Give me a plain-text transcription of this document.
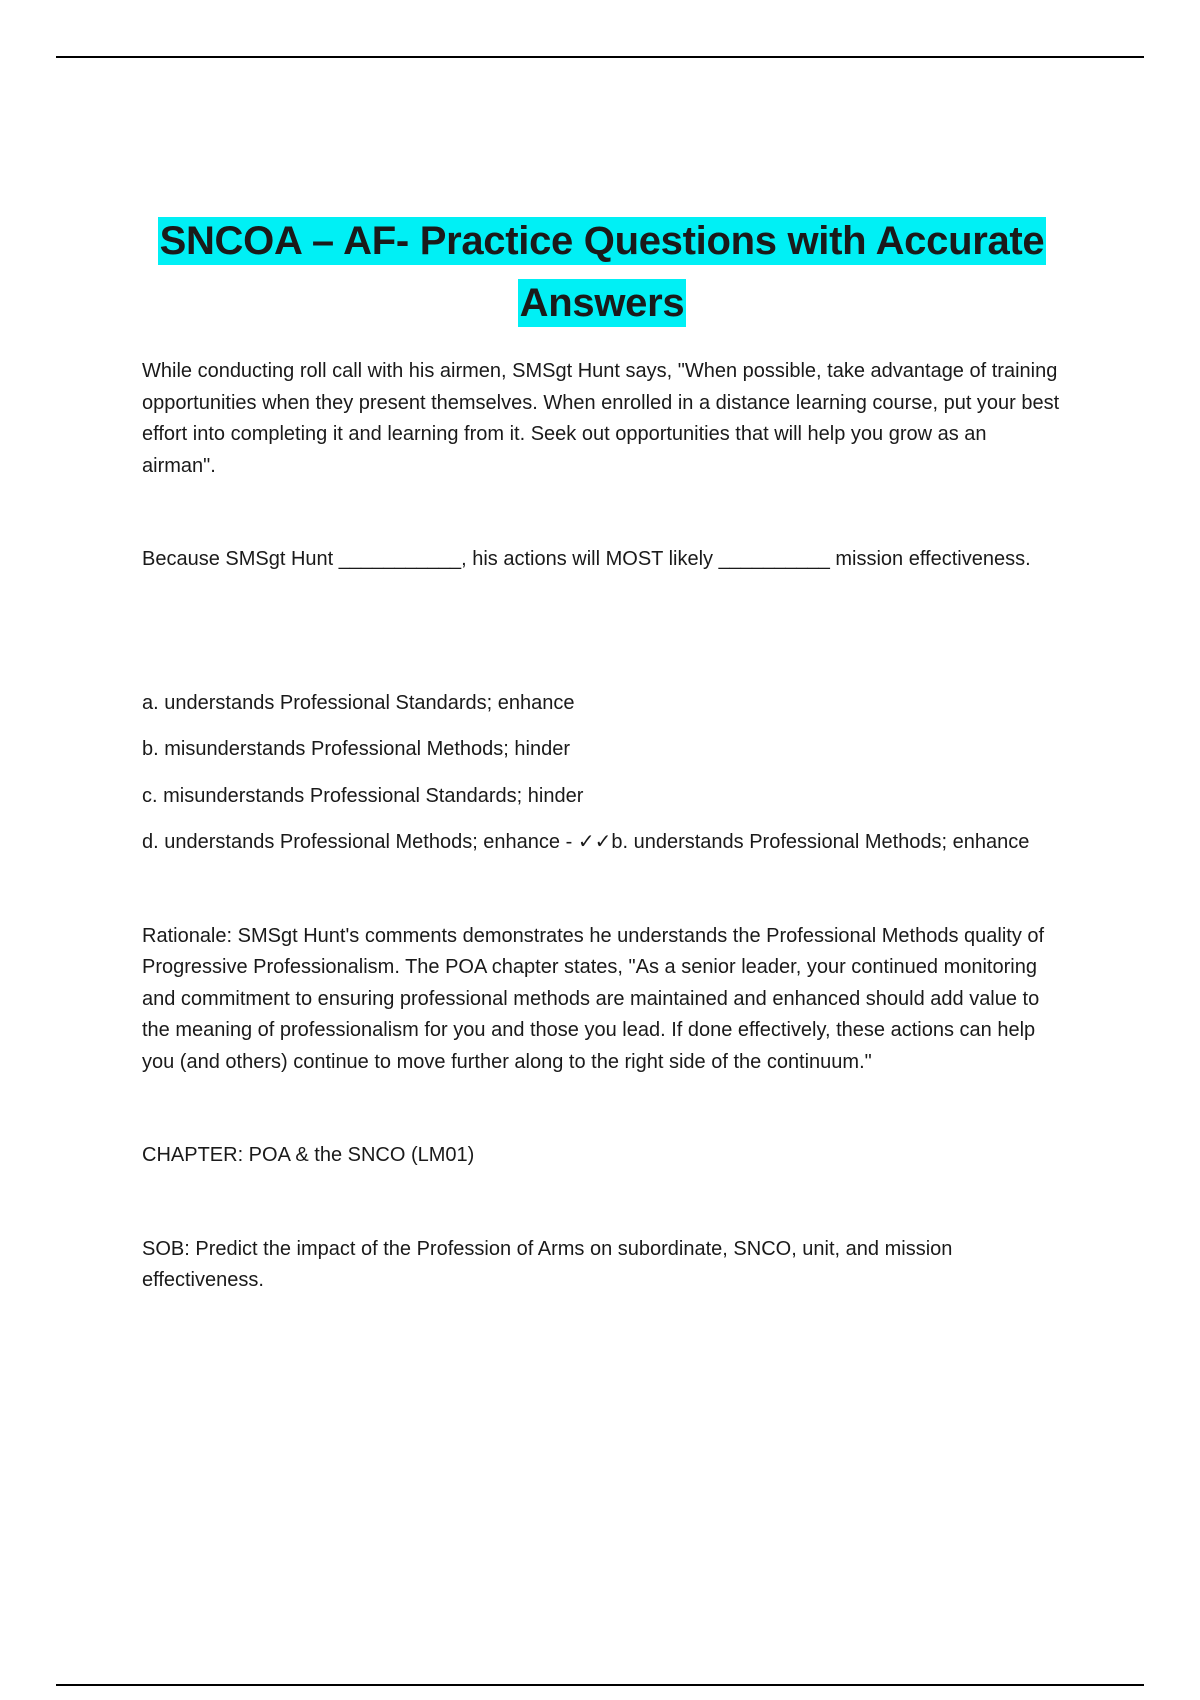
SNCOA – AF- Practice Questions with Accurate Answers

While conducting roll call with his airmen, SMSgt Hunt says, "When possible, take advantage of training opportunities when they present themselves. When enrolled in a distance learning course, put your best effort into completing it and learning from it. Seek out opportunities that will help you grow as an airman".

Because SMSgt Hunt ___________, his actions will MOST likely __________ mission effectiveness.

a. understands Professional Standards; enhance

b. misunderstands Professional Methods; hinder

c. misunderstands Professional Standards; hinder

d. understands Professional Methods; enhance - ✓✓b. understands Professional Methods; enhance

Rationale: SMSgt Hunt's comments demonstrates he understands the Professional Methods quality of Progressive Professionalism. The POA chapter states, "As a senior leader, your continued monitoring and commitment to ensuring professional methods are maintained and enhanced should add value to the meaning of professionalism for you and those you lead. If done effectively, these actions can help you (and others) continue to move further along to the right side of the continuum."

CHAPTER: POA & the SNCO (LM01)

SOB: Predict the impact of the Profession of Arms on subordinate, SNCO, unit, and mission effectiveness.
